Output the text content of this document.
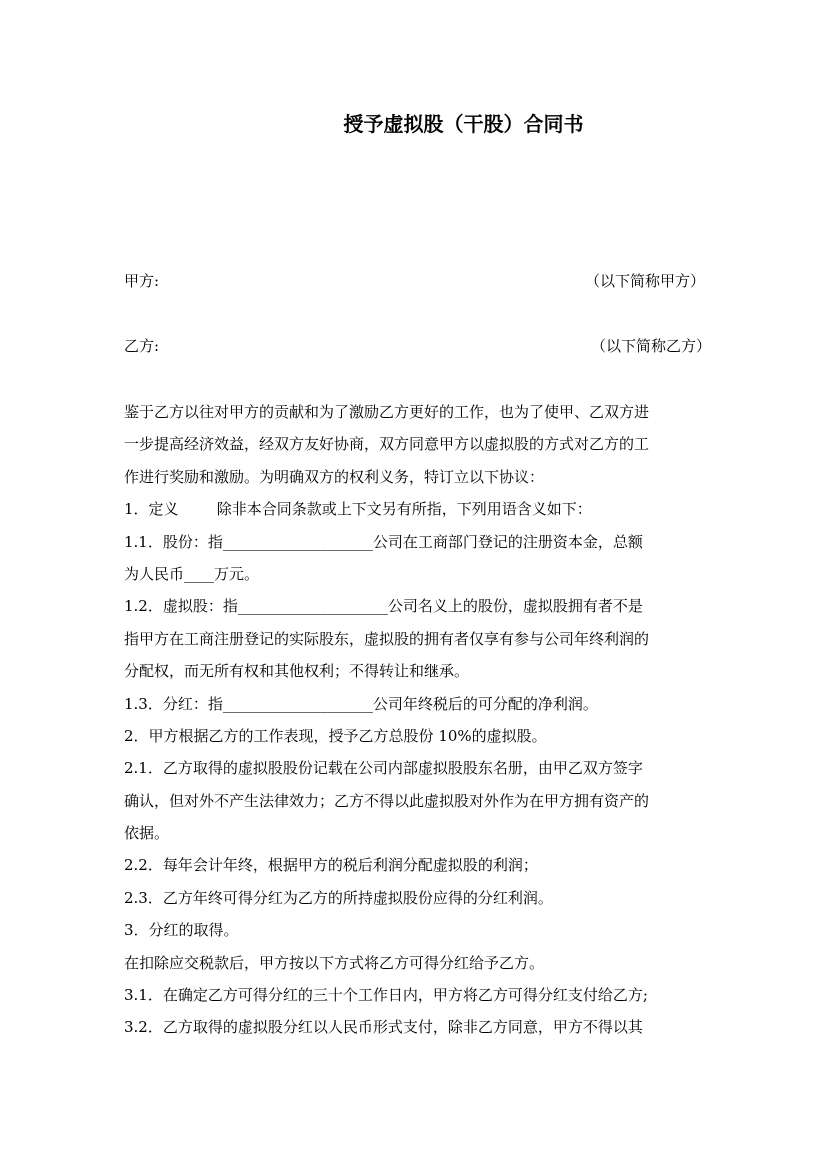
授予虚拟股（干股）合同书
甲方:	（以下简称甲方）
乙方:	（以下简称乙方）
鉴于乙方以往对甲方的贡献和为了激励乙方更好的工作，也为了使甲、乙双方进
一步提高经济效益，经双方友好协商，双方同意甲方以虚拟股的方式对乙方的工
作进行奖励和激励。为明确双方的权利义务，特订立以下协议：
1．定义        除非本合同条款或上下文另有所指，下列用语含义如下：
1.1．股份：指____________________公司在工商部门登记的注册资本金，总额
为人民币____万元。
1.2．虚拟股：指____________________公司名义上的股份，虚拟股拥有者不是
指甲方在工商注册登记的实际股东，虚拟股的拥有者仅享有参与公司年终利润的
分配权，而无所有权和其他权利；不得转让和继承。
1.3．分红：指____________________公司年终税后的可分配的净利润。
2．甲方根据乙方的工作表现，授予乙方总股份 10%的虚拟股。
2.1．乙方取得的虚拟股股份记载在公司内部虚拟股股东名册，由甲乙双方签字
确认，但对外不产生法律效力；乙方不得以此虚拟股对外作为在甲方拥有资产的
依据。
2.2．每年会计年终，根据甲方的税后利润分配虚拟股的利润；
2.3．乙方年终可得分红为乙方的所持虚拟股份应得的分红利润。
3．分红的取得。
在扣除应交税款后，甲方按以下方式将乙方可得分红给予乙方。
3.1．在确定乙方可得分红的三十个工作日内，甲方将乙方可得分红支付给乙方;
3.2．乙方取得的虚拟股分红以人民币形式支付，除非乙方同意，甲方不得以其
